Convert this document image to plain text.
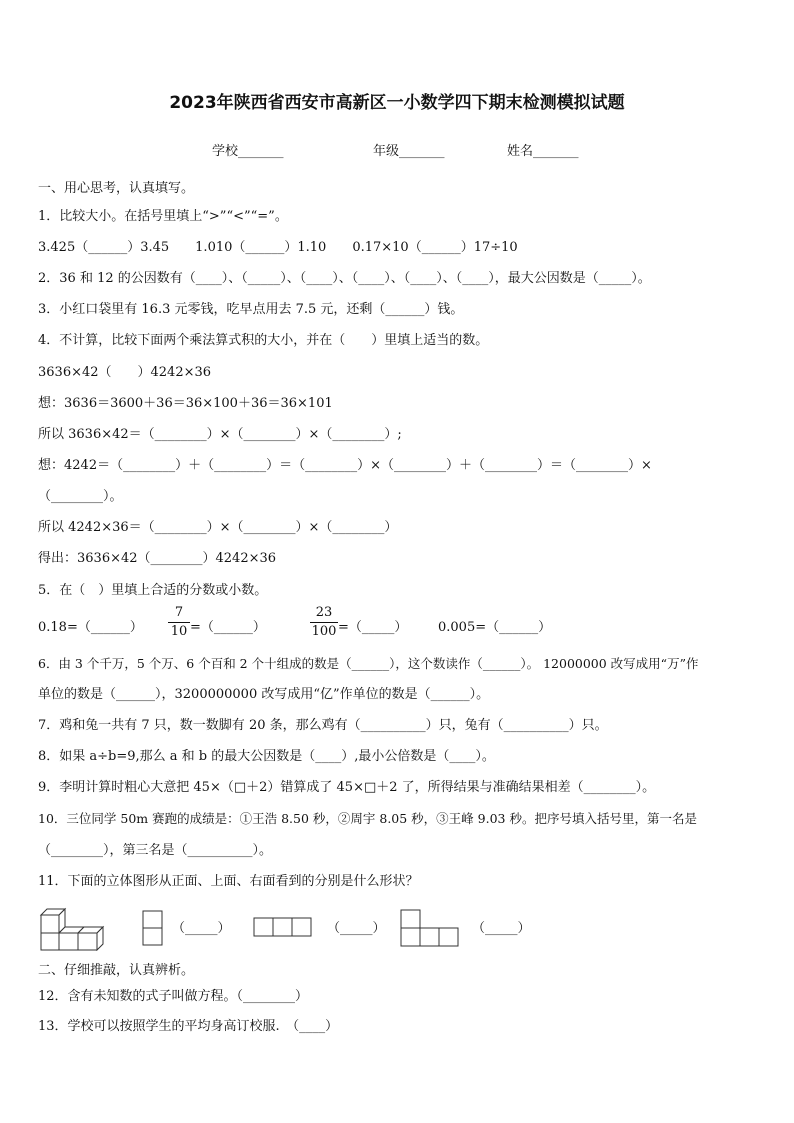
2023年陕西省西安市高新区一小数学四下期末检测模拟试题
学校_______	年级_______	姓名_______
一、用心思考，认真填写。
1．比较大小。在括号里填上“>”“<”“=”。
3.425（______）3.45　　1.010（______）1.10　　0.17×10（______）17÷10
2．36 和 12 的公因数有（____）、（_____）、（____）、（____）、（____）、（____），最大公因数是（_____）。
3．小红口袋里有 16.3 元零钱，吃早点用去 7.5 元，还剩（______）钱。
4．不计算，比较下面两个乘法算式积的大小，并在（　　）里填上适当的数。
3636×42（　　）4242×36
想：3636＝3600＋36＝36×100＋36＝36×101
所以 3636×42＝（________）×（________）×（________）;
想：4242＝（________）＋（________）＝（________）×（________）＋（________）＝（________）×
（________）。
所以 4242×36＝（________）×（________）×（________）
得出：3636×42（________）4242×36
5．在（　）里填上合适的分数或小数。
0.18=（______）
7
10 =（______）
23
100 =（_____） 0.005=（______）
6．由 3 个千万，5 个万、6 个百和 2 个十组成的数是（______），这个数读作（______）。 12000000 改写成用“万”作
单位的数是（______），3200000000 改写成用“亿”作单位的数是（______）。
7．鸡和兔一共有 7 只，数一数脚有 20 条，那么鸡有（__________）只，兔有（__________）只。
8．如果 a÷b=9,那么 a 和 b 的最大公因数是（____）,最小公倍数是（____）。
9．李明计算时粗心大意把 45×（□＋2）错算成了 45×□＋2 了，所得结果与准确结果相差（________）。
10．三位同学 50m 赛跑的成绩是：①王浩 8.50 秒，②周宇 8.05 秒，③王峰 9.03 秒。把序号填入括号里，第一名是
（________），第三名是（__________）。
11．下面的立体图形从正面、上面、右面看到的分别是什么形状？
（_____）	（_____）	（_____）
二、仔细推敲，认真辨析。
12．含有未知数的式子叫做方程。（________）
13．学校可以按照学生的平均身高订校服.　（____）
